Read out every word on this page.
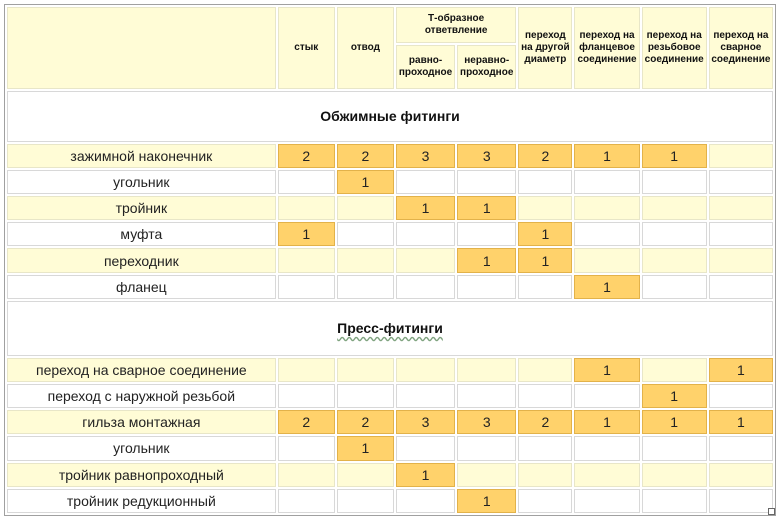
	стык	отвод	Т-образное ответвление		переход на другой диаметр	переход на фланцевое соединение	переход на резьбовое соединение	переход на сварное соединение
			равно-проходное	неравно-проходное				
Обжимные фитинги								
зажимной наконечник	2	2	3	3	2	1	1	
угольник		1						
тройник			1	1				
муфта	1				1			
переходник				1	1			
фланец						1		
Пресс-фитинги								
переход на сварное соединение						1		1
переход с наружной резьбой							1	
гильза монтажная	2	2	3	3	2	1	1	1
угольник		1						
тройник равнопроходный			1					
тройник редукционный				1				
